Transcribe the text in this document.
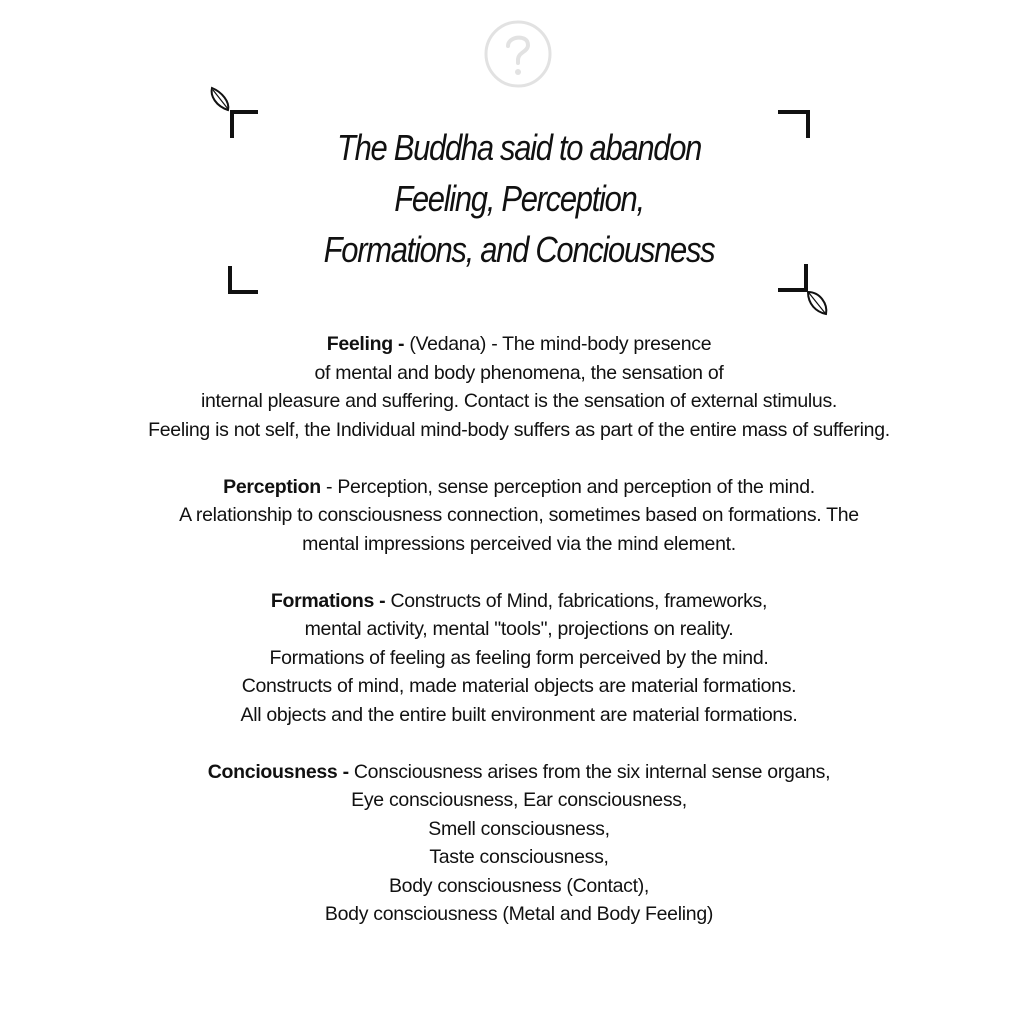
The Buddha said to abandon
Feeling, Perception,
Formations, and Conciousness
Feeling - (Vedana) - The mind-body presence
of mental and body phenomena, the sensation of
internal pleasure and suffering. Contact is the sensation of external stimulus.
Feeling is not self, the Individual mind-body suffers as part of the entire mass of suffering.
Perception - Perception, sense perception and perception of the mind.
A relationship to consciousness connection, sometimes based on formations. The
mental impressions perceived via the mind element.
Formations - Constructs of Mind, fabrications, frameworks,
mental activity, mental "tools", projections on reality.
Formations of feeling as feeling form perceived by the mind.
Constructs of mind, made material objects are material formations.
All objects and the entire built environment are material formations.
Conciousness - Consciousness arises from the six internal sense organs,
Eye consciousness, Ear consciousness,
Smell consciousness,
Taste consciousness,
Body consciousness (Contact),
Body consciousness (Metal and Body Feeling)
